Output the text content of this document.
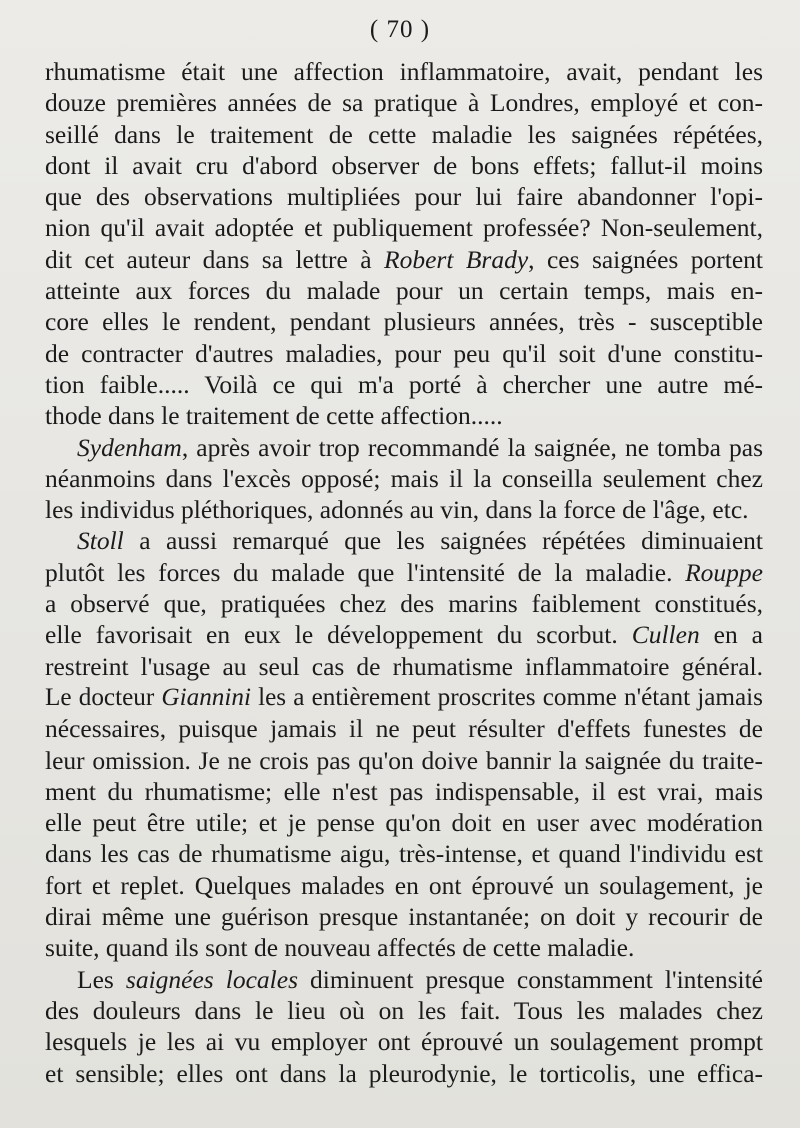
( 70 )
rhumatisme était une affection inflammatoire, avait, pendant les
douze premières années de sa pratique à Londres, employé et con-
seillé dans le traitement de cette maladie les saignées répétées,
dont il avait cru d'abord observer de bons effets; fallut-il moins
que des observations multipliées pour lui faire abandonner l'opi-
nion qu'il avait adoptée et publiquement professée? Non-seulement,
dit cet auteur dans sa lettre à Robert Brady, ces saignées portent
atteinte aux forces du malade pour un certain temps, mais en-
core elles le rendent, pendant plusieurs années, très - susceptible
de contracter d'autres maladies, pour peu qu'il soit d'une constitu-
tion faible..... Voilà ce qui m'a porté à chercher une autre mé-
thode dans le traitement de cette affection.....
Sydenham, après avoir trop recommandé la saignée, ne tomba pas
néanmoins dans l'excès opposé; mais il la conseilla seulement chez
les individus pléthoriques, adonnés au vin, dans la force de l'âge, etc.
Stoll a aussi remarqué que les saignées répétées diminuaient
plutôt les forces du malade que l'intensité de la maladie. Rouppe
a observé que, pratiquées chez des marins faiblement constitués,
elle favorisait en eux le développement du scorbut. Cullen en a
restreint l'usage au seul cas de rhumatisme inflammatoire général.
Le docteur Giannini les a entièrement proscrites comme n'étant jamais
nécessaires, puisque jamais il ne peut résulter d'effets funestes de
leur omission. Je ne crois pas qu'on doive bannir la saignée du traite-
ment du rhumatisme; elle n'est pas indispensable, il est vrai, mais
elle peut être utile; et je pense qu'on doit en user avec modération
dans les cas de rhumatisme aigu, très-intense, et quand l'individu est
fort et replet. Quelques malades en ont éprouvé un soulagement, je
dirai même une guérison presque instantanée; on doit y recourir de
suite, quand ils sont de nouveau affectés de cette maladie.
Les saignées locales diminuent presque constamment l'intensité
des douleurs dans le lieu où on les fait. Tous les malades chez
lesquels je les ai vu employer ont éprouvé un soulagement prompt
et sensible; elles ont dans la pleurodynie, le torticolis, une effica-
